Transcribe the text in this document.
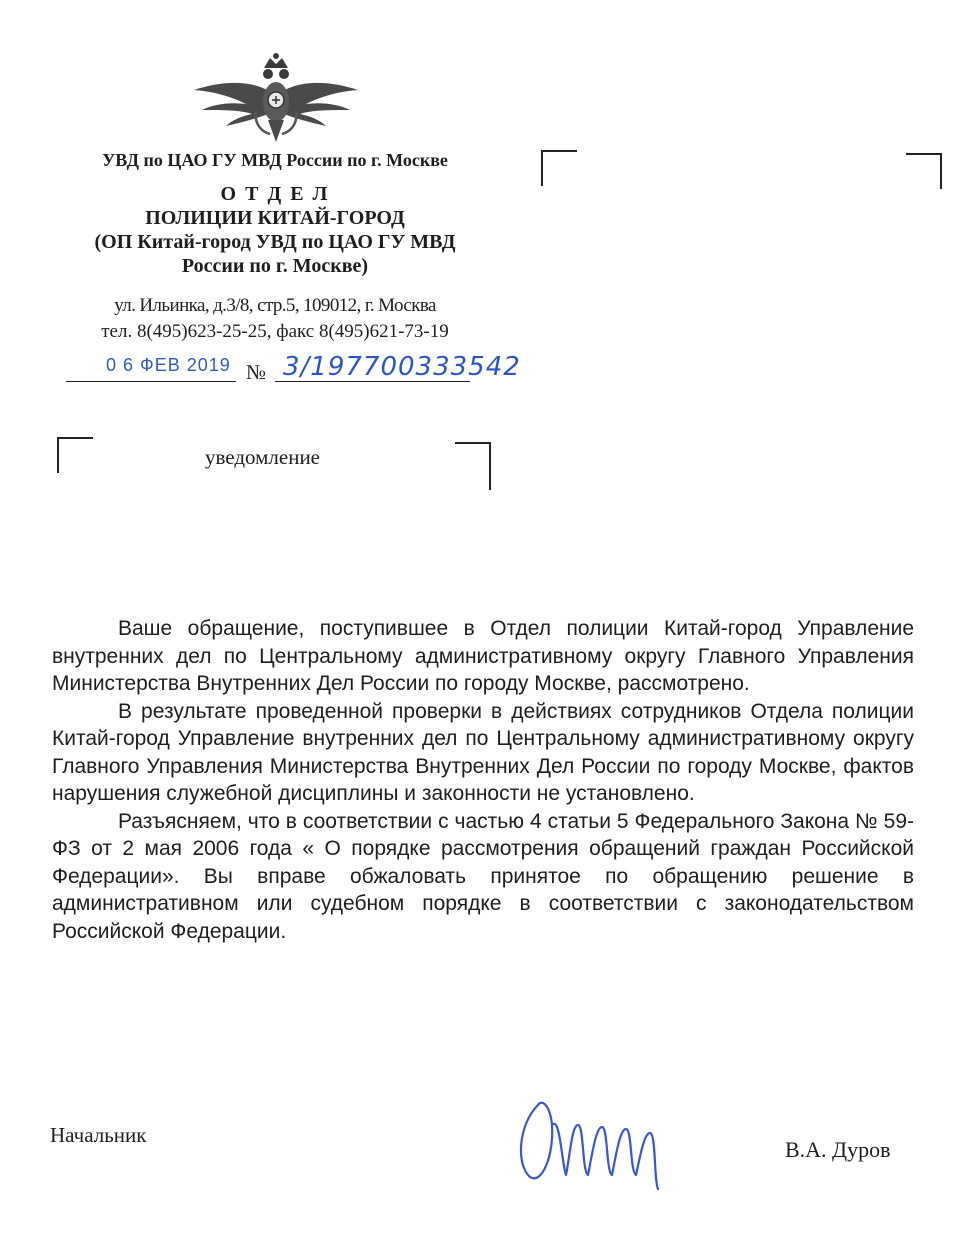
УВД по ЦАО ГУ МВД России по г. Москве
О Т Д Е Л
ПОЛИЦИИ КИТАЙ-ГОРОД
(ОП Китай-город УВД по ЦАО ГУ МВД
России по г. Москве)
ул. Ильинка, д.3/8, стр.5, 109012, г. Москва
тел. 8(495)623-25-25, факс 8(495)621-73-19
0 6 ФЕВ 2019 № 3/197700333542
уведомление

Ваше обращение, поступившее в Отдел полиции Китай-город Управление внутренних дел по Центральному административному округу Главного Управления Министерства Внутренних Дел России по городу Москве, рассмотрено.

В результате проведенной проверки в действиях сотрудников Отдела полиции Китай-город Управление внутренних дел по Центральному административному округу Главного Управления Министерства Внутренних Дел России по городу Москве, фактов нарушения служебной дисциплины и законности не установлено.

Разъясняем, что в соответствии с частью 4 статьи 5 Федерального Закона № 59-ФЗ от 2 мая 2006 года « О порядке рассмотрения обращений граждан Российской Федерации». Вы вправе обжаловать принятое по обращению решение в административном или судебном порядке в соответствии с законодательством Российской Федерации.

Начальник
В.А. Дуров
